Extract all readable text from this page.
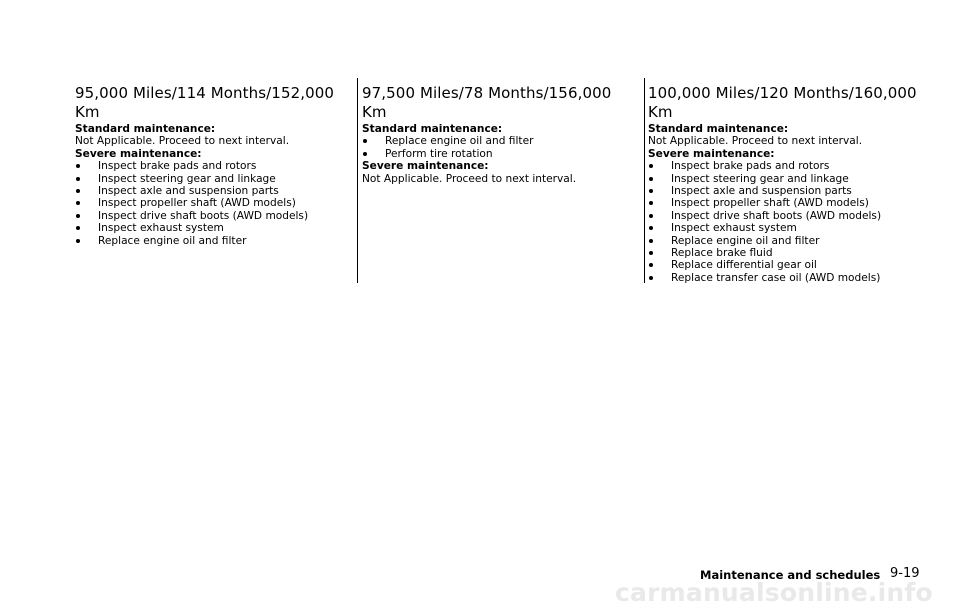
95,000 Miles/114 Months/152,000
Km

Standard maintenance:

Not Applicable. Proceed to next interval.

Severe maintenance:

Inspect brake pads and rotors
Inspect steering gear and linkage
Inspect axle and suspension parts
Inspect propeller shaft (AWD models)
Inspect drive shaft boots (AWD models)
Inspect exhaust system
Replace engine oil and filter
97,500 Miles/78 Months/156,000
Km

Standard maintenance:

Replace engine oil and filter
Perform tire rotation

Severe maintenance:

Not Applicable. Proceed to next interval.

100,000 Miles/120 Months/160,000
Km

Standard maintenance:

Not Applicable. Proceed to next interval.

Severe maintenance:

Inspect brake pads and rotors
Inspect steering gear and linkage
Inspect axle and suspension parts
Inspect propeller shaft (AWD models)
Inspect drive shaft boots (AWD models)
Inspect exhaust system
Replace engine oil and filter
Replace brake fluid
Replace differential gear oil
Replace transfer case oil (AWD models)
Maintenance and schedules 9-19
carmanualsonline.info
